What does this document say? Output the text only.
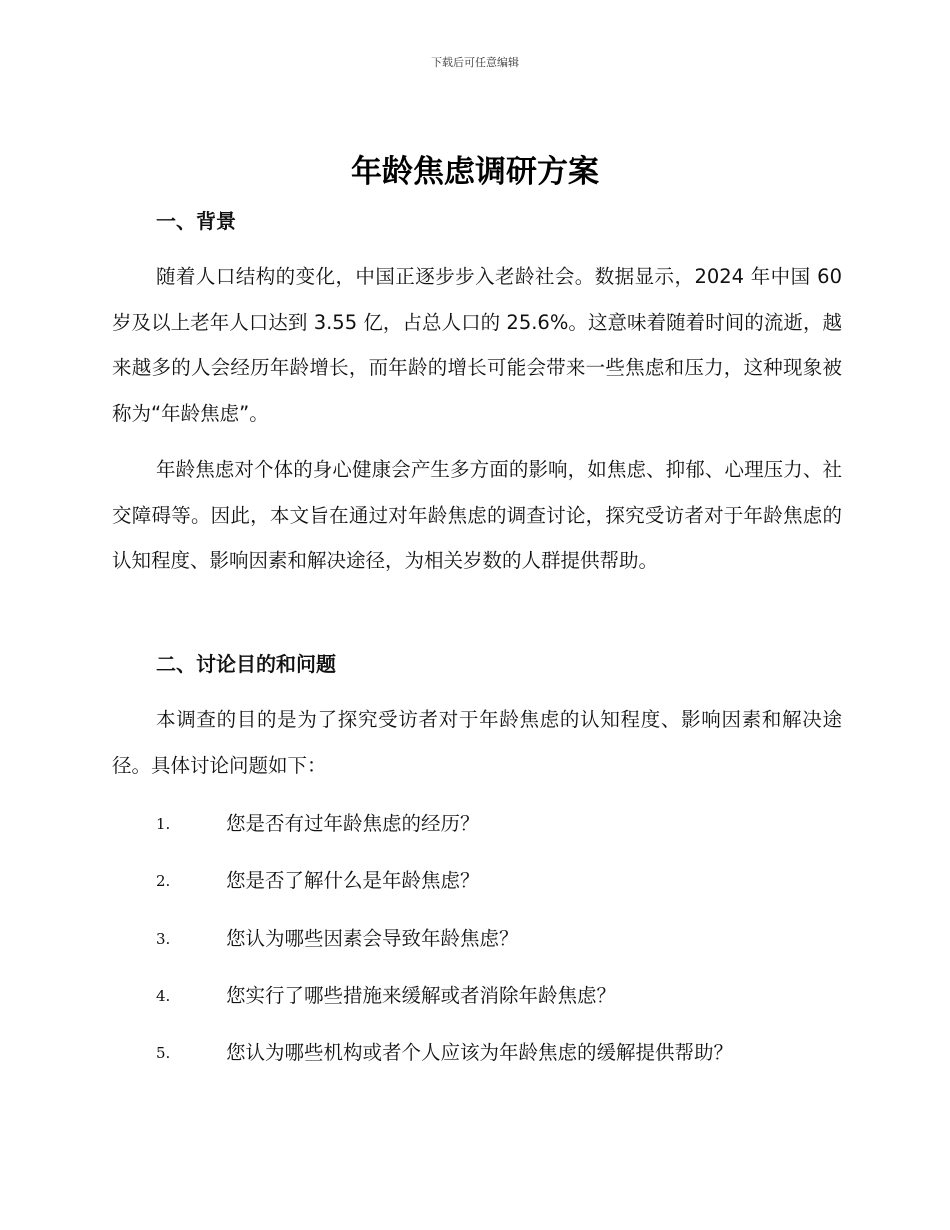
下载后可任意编辑
年龄焦虑调研方案
一、背景

随着人口结构的变化，中国正逐步步入老龄社会。数据显示，2024 年中国 60 岁及以上老年人口达到 3.55 亿，占总人口的 25.6%。这意味着随着时间的流逝，越来越多的人会经历年龄增长，而年龄的增长可能会带来一些焦虑和压力，这种现象被称为“年龄焦虑”。

年龄焦虑对个体的身心健康会产生多方面的影响，如焦虑、抑郁、心理压力、社交障碍等。因此，本文旨在通过对年龄焦虑的调查讨论，探究受访者对于年龄焦虑的认知程度、影响因素和解决途径，为相关岁数的人群提供帮助。

二、讨论目的和问题

本调查的目的是为了探究受访者对于年龄焦虑的认知程度、影响因素和解决途径。具体讨论问题如下：

1.	您是否有过年龄焦虑的经历？
2.	您是否了解什么是年龄焦虑？
3.	您认为哪些因素会导致年龄焦虑？
4.	您实行了哪些措施来缓解或者消除年龄焦虑？
5.	您认为哪些机构或者个人应该为年龄焦虑的缓解提供帮助？
